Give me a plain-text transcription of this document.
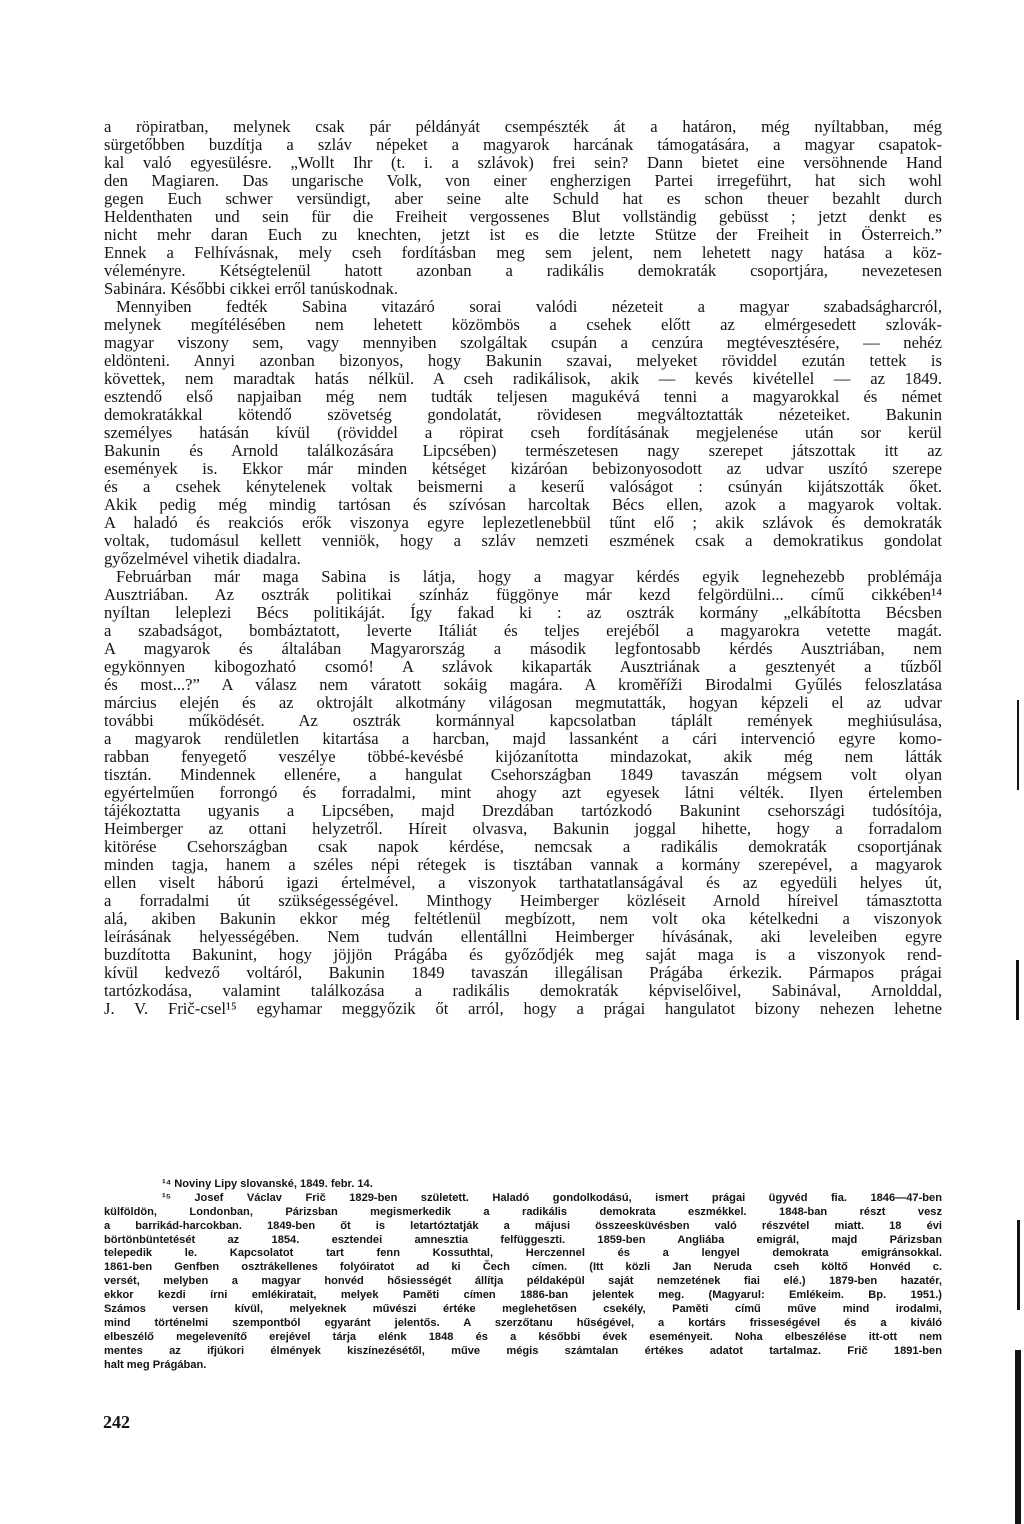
a röpiratban, melynek csak pár példányát csempészték át a határon, még nyíltabban, még
sürgetőbben buzdítja a szláv népeket a magyarok harcának támogatására, a magyar csapatok-
kal való egyesülésre. „Wollt Ihr (t. i. a szlávok) frei sein? Dann bietet eine versöhnende Hand
den Magiaren. Das ungarische Volk, von einer engherzigen Partei irregeführt, hat sich wohl
gegen Euch schwer versündigt, aber seine alte Schuld hat es schon theuer bezahlt durch
Heldenthaten und sein für die Freiheit vergossenes Blut vollständig gebüsst ; jetzt denkt es
nicht mehr daran Euch zu knechten, jetzt ist es die letzte Stütze der Freiheit in Österreich.”
Ennek a Felhívásnak, mely cseh fordításban meg sem jelent, nem lehetett nagy hatása a köz-
véleményre. Kétségtelenül hatott azonban a radikális demokraták csoportjára, nevezetesen
Sabinára. Későbbi cikkei erről tanúskodnak.
Mennyiben fedték Sabina vitazáró sorai valódi nézeteit a magyar szabadságharcról,
melynek megítélésében nem lehetett közömbös a csehek előtt az elmérgesedett szlovák-
magyar viszony sem, vagy mennyiben szolgáltak csupán a cenzúra megtévesztésére, — nehéz
eldönteni. Annyi azonban bizonyos, hogy Bakunin szavai, melyeket röviddel ezután tettek is
követtek, nem maradtak hatás nélkül. A cseh radikálisok, akik — kevés kivétellel — az 1849.
esztendő első napjaiban még nem tudták teljesen magukévá tenni a magyarokkal és német
demokratákkal kötendő szövetség gondolatát, rövidesen megváltoztatták nézeteiket. Bakunin
személyes hatásán kívül (röviddel a röpirat cseh fordításának megjelenése után sor kerül
Bakunin és Arnold találkozására Lipcsében) természetesen nagy szerepet játszottak itt az
események is. Ekkor már minden kétséget kizáróan bebizonyosodott az udvar uszító szerepe
és a csehek kénytelenek voltak beismerni a keserű valóságot : csúnyán kijátszották őket.
Akik pedig még mindig tartósan és szívósan harcoltak Bécs ellen, azok a magyarok voltak.
A haladó és reakciós erők viszonya egyre leplezetlenebbül tűnt elő ; akik szlávok és demokraták
voltak, tudomásul kellett venniök, hogy a szláv nemzeti eszmének csak a demokratikus gondolat
győzelmével vihetik diadalra.
Februárban már maga Sabina is látja, hogy a magyar kérdés egyik legnehezebb problémája
Ausztriában. Az osztrák politikai színház függönye már kezd felgördülni... című cikkében¹⁴
nyíltan leleplezi Bécs politikáját. Így fakad ki : az osztrák kormány „elkábította Bécsben
a szabadságot, bombáztatott, leverte Itáliát és teljes erejéből a magyarokra vetette magát.
A magyarok és általában Magyarország a második legfontosabb kérdés Ausztriában, nem
egykönnyen kibogozható csomó! A szlávok kikaparták Ausztriának a gesztenyét a tűzből
és most...?” A válasz nem váratott sokáig magára. A kroměříži Birodalmi Gyűlés feloszlatása
március elején és az oktrojált alkotmány világosan megmutatták, hogyan képzeli el az udvar
további működését. Az osztrák kormánnyal kapcsolatban táplált remények meghiúsulása,
a magyarok rendületlen kitartása a harcban, majd lassanként a cári intervenció egyre komo-
rabban fenyegető veszélye többé-kevésbé kijózanította mindazokat, akik még nem látták
tisztán. Mindennek ellenére, a hangulat Csehországban 1849 tavaszán mégsem volt olyan
egyértelműen forrongó és forradalmi, mint ahogy azt egyesek látni vélték. Ilyen értelemben
tájékoztatta ugyanis a Lipcsében, majd Drezdában tartózkodó Bakunint csehországi tudósítója,
Heimberger az ottani helyzetről. Híreit olvasva, Bakunin joggal hihette, hogy a forradalom
kitörése Csehországban csak napok kérdése, nemcsak a radikális demokraták csoportjának
minden tagja, hanem a széles népi rétegek is tisztában vannak a kormány szerepével, a magyarok
ellen viselt háború igazi értelmével, a viszonyok tarthatatlanságával és az egyedüli helyes út,
a forradalmi út szükségességével. Minthogy Heimberger közléseit Arnold híreivel támasztotta
alá, akiben Bakunin ekkor még feltétlenül megbízott, nem volt oka kételkedni a viszonyok
leírásának helyességében. Nem tudván ellentállni Heimberger hívásának, aki leveleiben egyre
buzdította Bakunint, hogy jöjjön Prágába és győződjék meg saját maga is a viszonyok rend-
kívül kedvező voltáról, Bakunin 1849 tavaszán illegálisan Prágába érkezik. Pármapos prágai
tartózkodása, valamint találkozása a radikális demokraták képviselőivel, Sabinával, Arnolddal,
J. V. Frič-csel¹⁵ egyhamar meggyőzik őt arról, hogy a prágai hangulatot bizony nehezen lehetne
¹⁴ Noviny Lipy slovanské, 1849. febr. 14.
¹⁵ Josef Václav Frič 1829-ben született. Haladó gondolkodású, ismert prágai ügyvéd fia. 1846—47-ben
külföldön, Londonban, Párizsban megismerkedik a radikális demokrata eszmékkel. 1848-ban részt vesz
a barrikád-harcokban. 1849-ben őt is letartóztatják a májusi összeesküvésben való részvétel miatt. 18 évi
börtönbüntetését az 1854. esztendei amnesztia felfüggeszti. 1859-ben Angliába emigrál, majd Párizsban
telepedik le. Kapcsolatot tart fenn Kossuthtal, Herczennel és a lengyel demokrata emigránsokkal.
1861-ben Genfben osztrákellenes folyóiratot ad ki Čech címen. (Itt közli Jan Neruda cseh költő Honvéd c.
versét, melyben a magyar honvéd hősiességét állítja példaképül saját nemzetének fiai elé.) 1879-ben hazatér,
ekkor kezdi írni emlékiratait, melyek Paměti címen 1886-ban jelentek meg. (Magyarul: Emlékeim. Bp. 1951.)
Számos versen kívül, melyeknek művészi értéke meglehetősen csekély, Paměti című műve mind irodalmi,
mind történelmi szempontból egyaránt jelentős. A szerzőtanu hűségével, a kortárs frisseségével és a kiváló
elbeszélő megelevenítő erejével tárja elénk 1848 és a későbbi évek eseményeit. Noha elbeszélése itt-ott nem
mentes az ifjúkori élmények kiszínezésétől, műve mégis számtalan értékes adatot tartalmaz. Frič 1891-ben
halt meg Prágában.
242
